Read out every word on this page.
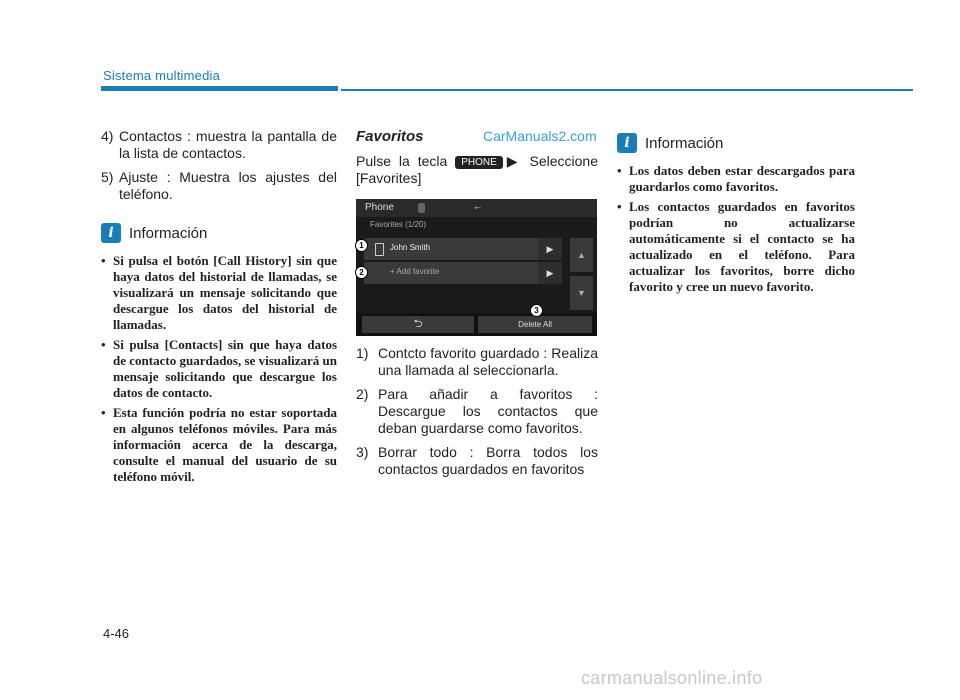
Sistema multimedia
4) Contactos : muestra la pantalla de la lista de contactos.
5) Ajuste : Muestra los ajustes del teléfono.
i	Información
• Si pulsa el botón [Call History] sin que haya datos del historial de llamadas, se visualizará un mensaje solicitando que descargue los datos del historial de llamadas.
• Si pulsa [Contacts] sin que haya datos de contacto guardados, se visualizará un mensaje solicitando que descargue los datos de contacto.
• Esta función podría no estar soportada en algunos teléfonos móviles. Para más información acerca de la descarga, consulte el manual del usuario de su teléfono móvil.
Favoritos	CarManuals2.com
Pulse la tecla PHONE ▶ Seleccione [Favorites]
Phone	⭠
Favorites (1/20)
John Smith	▶
+ Add favorite	▶
▲
▼
⮌	Delete All
1
2
3
1) Contcto favorito guardado : Realiza una llamada al seleccionarla.
2) Para añadir a favoritos : Descargue los contactos que deban guardarse como favoritos.
3) Borrar todo : Borra todos los contactos guardados en favoritos
i	Información
• Los datos deben estar descargados para guardarlos como favoritos.
• Los contactos guardados en favoritos podrían no actualizarse automáticamente si el contacto se ha actualizado en el teléfono. Para actualizar los favoritos, borre dicho favorito y cree un nuevo favorito.
4-46
carmanualsonline.info
